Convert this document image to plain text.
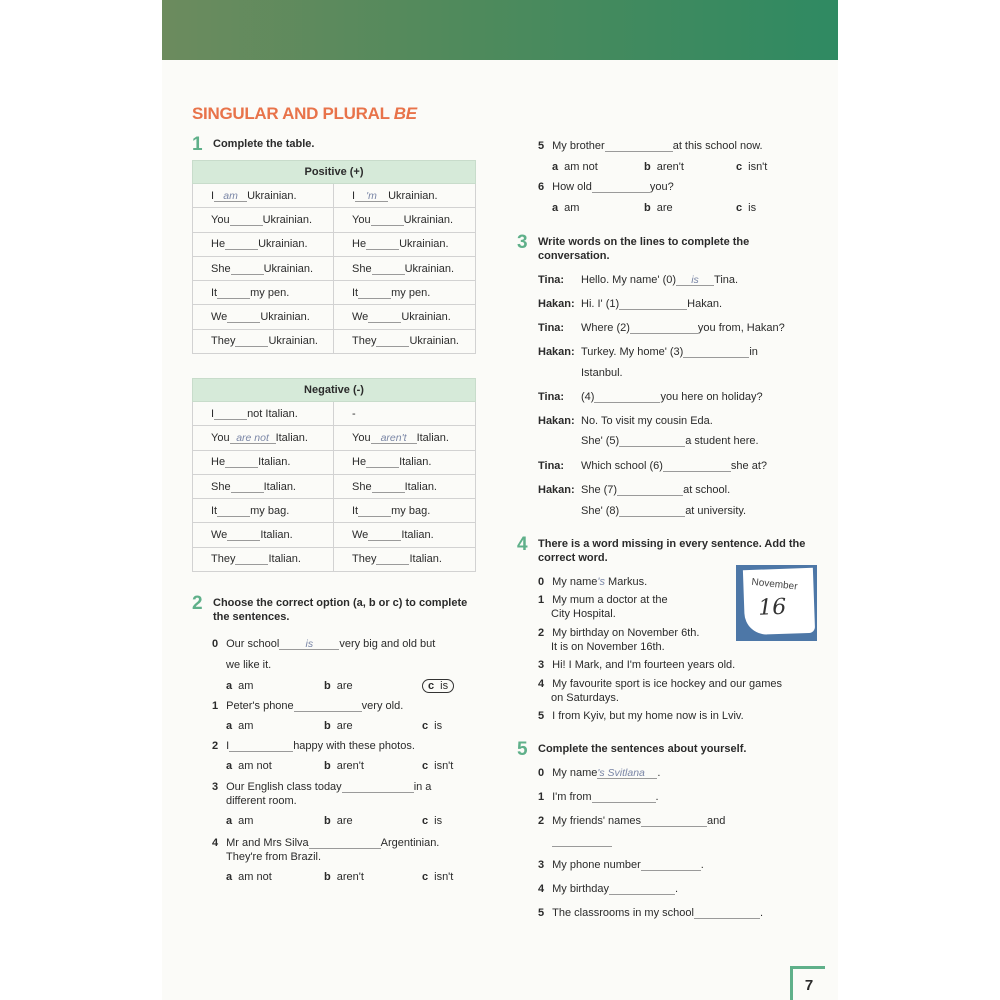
SINGULAR AND PLURAL BE
1 Complete the table.
Positive (+)	
I am Ukrainian.	I 'm Ukrainian.
You Ukrainian.	You Ukrainian.
He Ukrainian.	He Ukrainian.
She Ukrainian.	She Ukrainian.
It my pen.	It my pen.
We Ukrainian.	We Ukrainian.
They Ukrainian.	They Ukrainian.
Negative (-)	
I not Italian.	-
You are not Italian.	You aren't Italian.
He Italian.	He Italian.
She Italian.	She Italian.
It my bag.	It my bag.
We Italian.	We Italian.
They Italian.	They Italian.
2 Choose the correct option (a, b or c) to complete
the sentences.
0 Our school is very big and old but
we like it.
a am	b are	c is
1 Peter's phone	very old.
a am	b are	c is
2 I	happy with these photos.
a am not	b aren't	c isn't
3 Our English class today	in a
different room.
a am	b are	c is
4 Mr and Mrs Silva	Argentinian.
They're from Brazil.
a am not	b aren't	c isn't
5 My brother	at this school now.
a am not	b aren't	c isn't
6 How old	you?
a am	b are	c is
3 Write words on the lines to complete the
conversation.
Tina: Hello. My name' (0) is Tina.
Hakan: Hi. I' (1)	Hakan.
Tina: Where (2)	you from, Hakan?
Hakan: Turkey. My home' (3)	in
Istanbul.
Tina: (4)	you here on holiday?
Hakan: No. To visit my cousin Eda.
She' (5)	a student here.
Tina: Which school (6)	she at?
Hakan: She (7)	at school.
She' (8)	at university.
4 There is a word missing in every sentence. Add the
correct word.
0 My name's Markus.
1 My mum a doctor at the
City Hospital.
2 My birthday on November 6th.
It is on November 16th.
3 Hi! I Mark, and I'm fourteen years old.
4 My favourite sport is ice hockey and our games
on Saturdays.
5 I from Kyiv, but my home now is in Lviv.
November
16
5 Complete the sentences about yourself.
0 My name's Svitlana .
1 I'm from	.
2 My friends' names	and
3 My phone number	.
4 My birthday	.
5 The classrooms in my school	.
7
